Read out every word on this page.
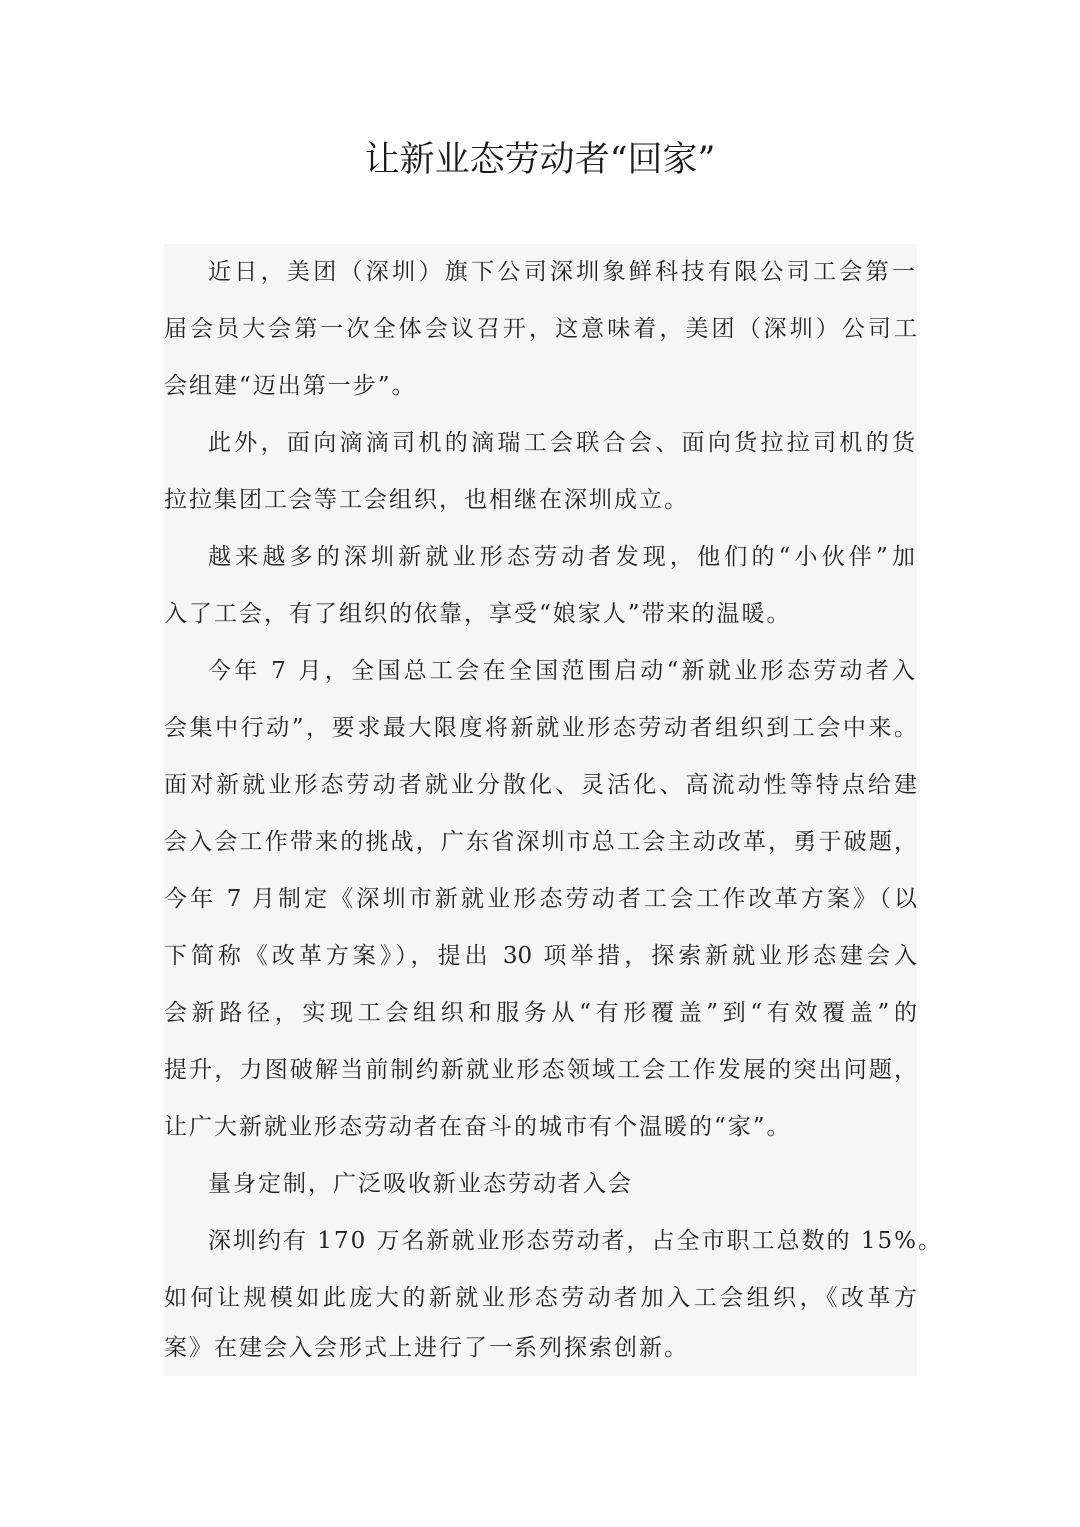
让新业态劳动者“回家”
近日，美团（深圳）旗下公司深圳象鲜科技有限公司工会第一
届会员大会第一次全体会议召开，这意味着，美团（深圳）公司工
会组建“迈出第一步”。
此外，面向滴滴司机的滴瑞工会联合会、面向货拉拉司机的货
拉拉集团工会等工会组织，也相继在深圳成立。
越来越多的深圳新就业形态劳动者发现，他们的“小伙伴”加
入了工会，有了组织的依靠，享受“娘家人”带来的温暖。
今年 7 月，全国总工会在全国范围启动“新就业形态劳动者入
会集中行动”，要求最大限度将新就业形态劳动者组织到工会中来。
面对新就业形态劳动者就业分散化、灵活化、高流动性等特点给建
会入会工作带来的挑战，广东省深圳市总工会主动改革，勇于破题，
今年 7 月制定《深圳市新就业形态劳动者工会工作改革方案》（以
下简称《改革方案》），提出 30 项举措，探索新就业形态建会入
会新路径，实现工会组织和服务从“有形覆盖”到“有效覆盖”的
提升，力图破解当前制约新就业形态领域工会工作发展的突出问题，
让广大新就业形态劳动者在奋斗的城市有个温暖的“家”。
量身定制，广泛吸收新业态劳动者入会
深圳约有 170 万名新就业形态劳动者，占全市职工总数的 15%。
如何让规模如此庞大的新就业形态劳动者加入工会组织，《改革方
案》在建会入会形式上进行了一系列探索创新。
